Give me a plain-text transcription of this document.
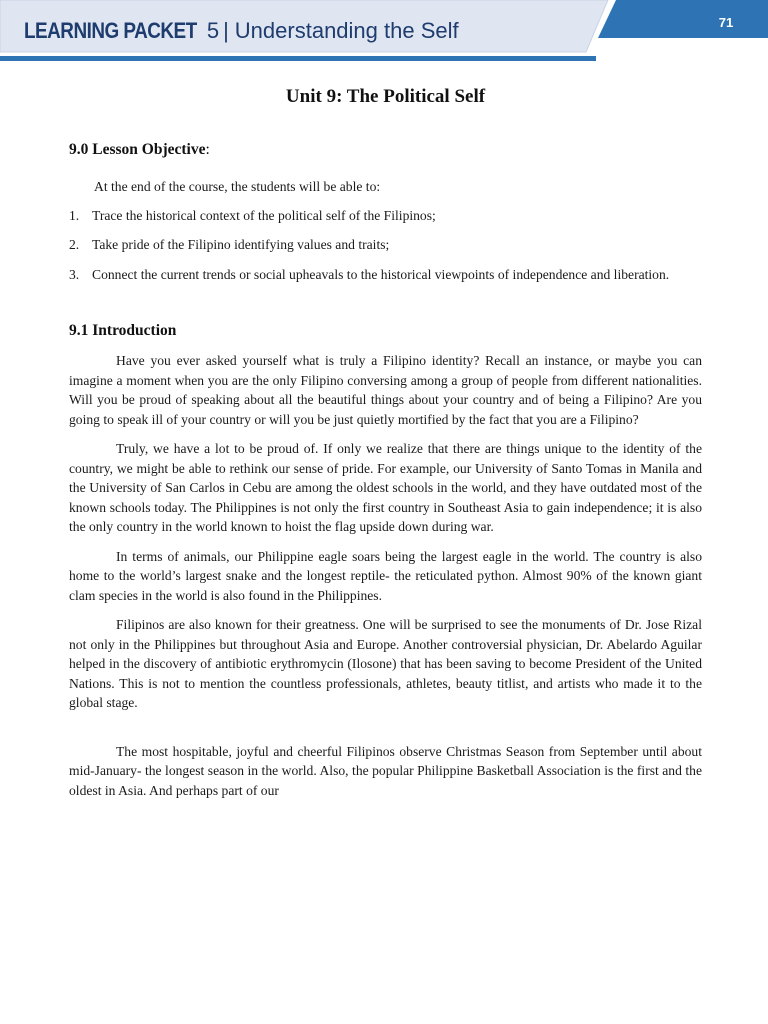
LEARNING PACKET 5 | Understanding the Self	71
Unit 9: The Political Self
9.0 Lesson Objective:
At the end of the course, the students will be able to:
1. Trace the historical context of the political self of the Filipinos;
2. Take pride of the Filipino identifying values and traits;
3. Connect the current trends or social upheavals to the historical viewpoints of independence and liberation.
9.1 Introduction

Have you ever asked yourself what is truly a Filipino identity? Recall an instance, or maybe you can imagine a moment when you are the only Filipino conversing among a group of people from different nationalities. Will you be proud of speaking about all the beautiful things about your country and of being a Filipino? Are you going to speak ill of your country or will you be just quietly mortified by the fact that you are a Filipino?

Truly, we have a lot to be proud of. If only we realize that there are things unique to the identity of the country, we might be able to rethink our sense of pride. For example, our University of Santo Tomas in Manila and the University of San Carlos in Cebu are among the oldest schools in the world, and they have outdated most of the known schools today. The Philippines is not only the first country in Southeast Asia to gain independence; it is also the only country in the world known to hoist the flag upside down during war.

In terms of animals, our Philippine eagle soars being the largest eagle in the world. The country is also home to the world’s largest snake and the longest reptile- the reticulated python. Almost 90% of the known giant clam species in the world is also found in the Philippines.

Filipinos are also known for their greatness. One will be surprised to see the monuments of Dr. Jose Rizal not only in the Philippines but throughout Asia and Europe. Another controversial physician, Dr. Abelardo Aguilar helped in the discovery of antibiotic erythromycin (Ilosone) that has been saving to become President of the United Nations. This is not to mention the countless professionals, athletes, beauty titlist, and artists who made it to the global stage.

The most hospitable, joyful and cheerful Filipinos observe Christmas Season from September until about mid-January- the longest season in the world. Also, the popular Philippine Basketball Association is the first and the oldest in Asia. And perhaps part of our
